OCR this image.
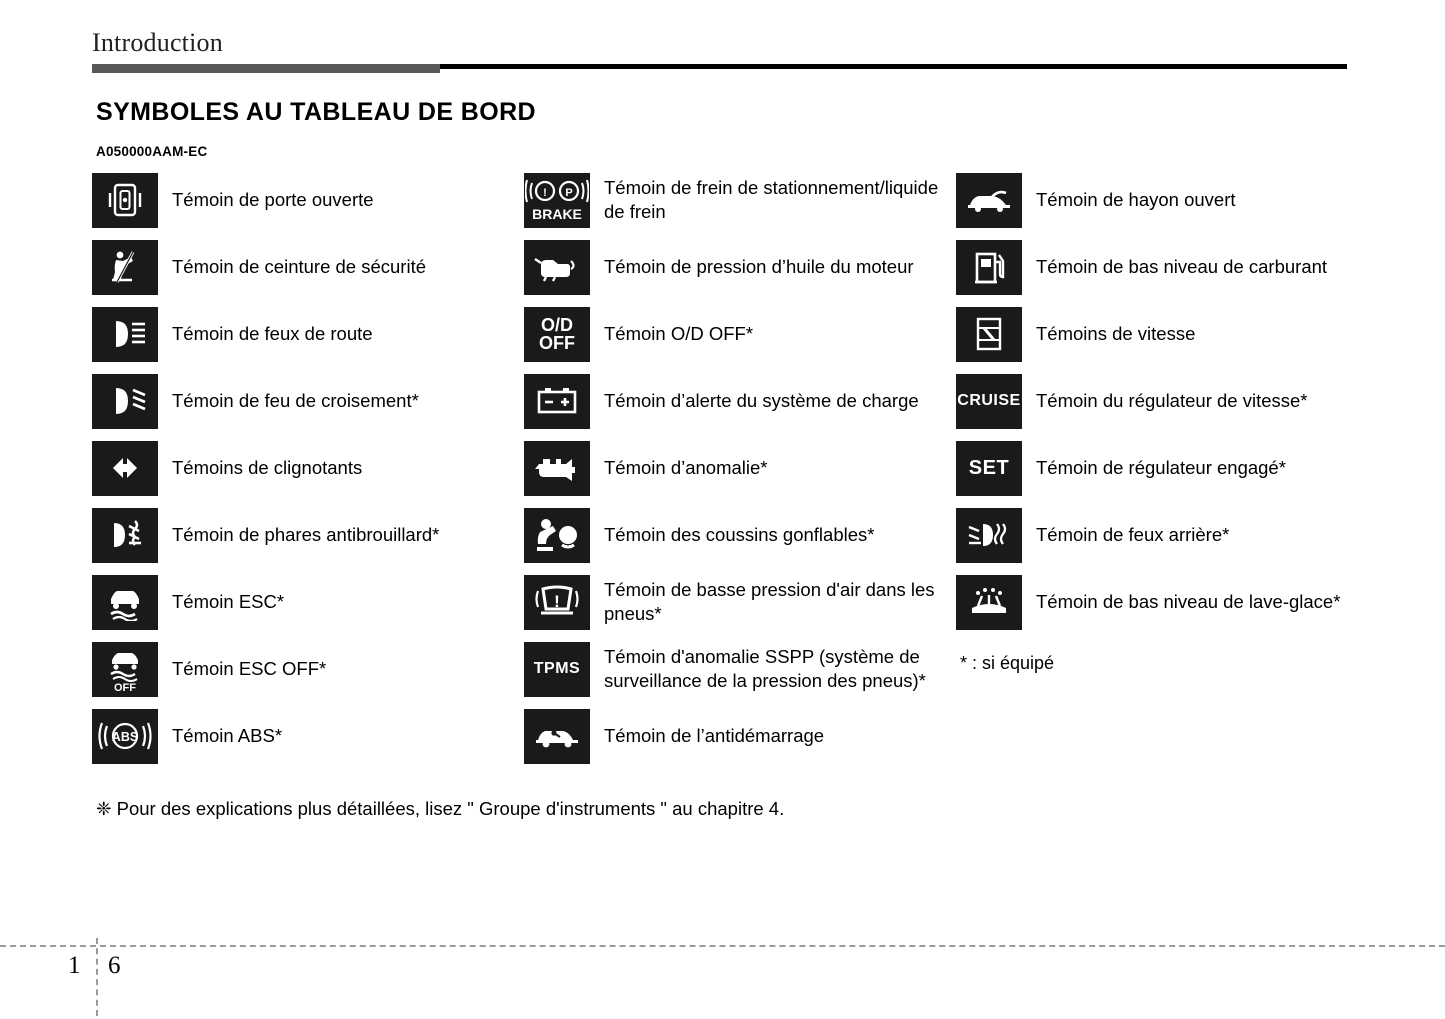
Introduction
SYMBOLES AU TABLEAU DE BORD
A050000AAM-EC
Témoin de porte ouverte
Témoin de ceinture de sécurité
Témoin de feux de route
Témoin de feu de croisement*
Témoins de clignotants
Témoin de phares antibrouillard*
Témoin ESC*
OFF
Témoin ESC OFF*
ABS Témoin ABS*
! P
BRAKE
Témoin de frein de stationnement/liquide de frein
Témoin de pression d’huile du moteur
O/D
OFF Témoin O/D OFF*
Témoin d’alerte du système de charge
Témoin d’anomalie*
Témoin des coussins gonflables*
!
Témoin de basse pression d'air dans les pneus*
TPMS
Témoin d'anomalie SSPP (système de surveillance de la pression des pneus)*
Témoin de l’antidémarrage
Témoin de hayon ouvert
Témoin de bas niveau de carburant
Témoins de vitesse
CRUISE Témoin du régulateur de vitesse*
SET Témoin de régulateur engagé*
Témoin de feux arrière*
Témoin de bas niveau de lave-glace*
* : si équipé
❈ Pour des explications plus détaillées, lisez " Groupe d'instruments " au chapitre 4.
1 6
